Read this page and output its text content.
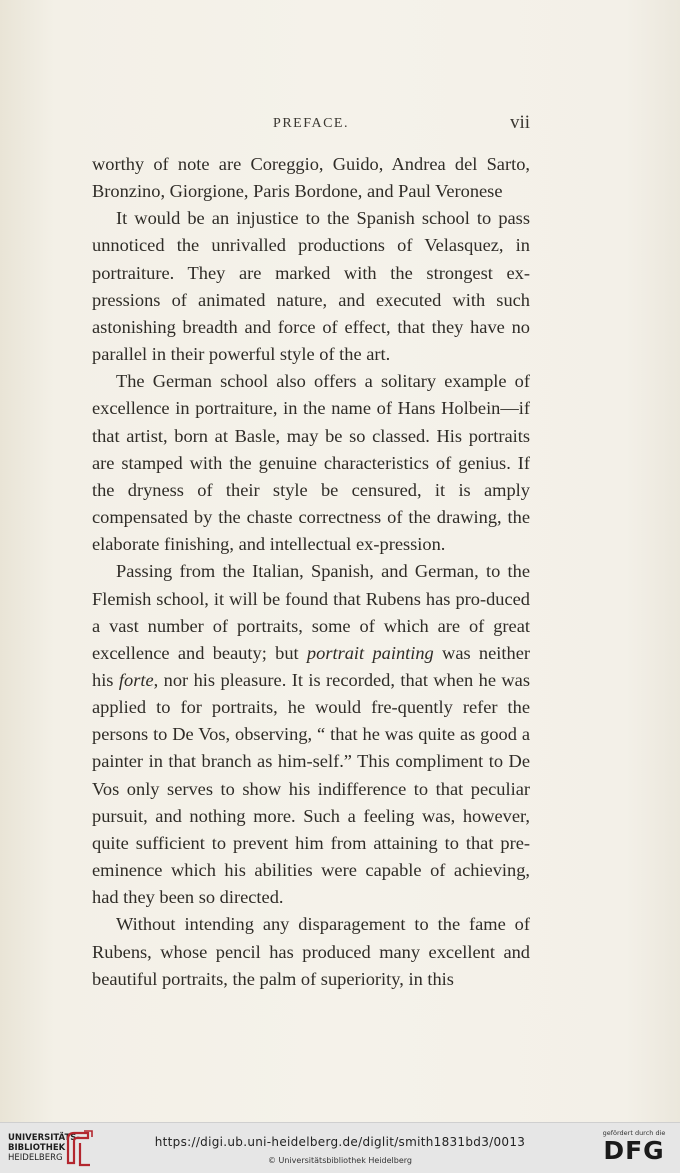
PREFACE.	vii

worthy of note are Coreggio, Guido, Andrea del Sarto, Bronzino, Giorgione, Paris Bordone, and Paul Veronese

It would be an injustice to the Spanish school to pass unnoticed the unrivalled productions of Velasquez, in portraiture. They are marked with the strongest ex-pressions of animated nature, and executed with such astonishing breadth and force of effect, that they have no parallel in their powerful style of the art.

The German school also offers a solitary example of excellence in portraiture, in the name of Hans Holbein—if that artist, born at Basle, may be so classed. His portraits are stamped with the genuine characteristics of genius. If the dryness of their style be censured, it is amply compensated by the chaste correctness of the drawing, the elaborate finishing, and intellectual ex-pression.

Passing from the Italian, Spanish, and German, to the Flemish school, it will be found that Rubens has pro-duced a vast number of portraits, some of which are of great excellence and beauty; but portrait painting was neither his forte, nor his pleasure. It is recorded, that when he was applied to for portraits, he would fre-quently refer the persons to De Vos, observing, “ that he was quite as good a painter in that branch as him-self.” This compliment to De Vos only serves to show his indifference to that peculiar pursuit, and nothing more. Such a feeling was, however, quite sufficient to prevent him from attaining to that pre-eminence which his abilities were capable of achieving, had they been so directed.

Without intending any disparagement to the fame of Rubens, whose pencil has produced many excellent and beautiful portraits, the palm of superiority, in this

UNIVERSITÄTS-
BIBLIOTHEK
HEIDELBERG
https://digi.ub.uni-heidelberg.de/diglit/smith1831bd3/0013
© Universitätsbibliothek Heidelberg
gefördert durch die
DFG
